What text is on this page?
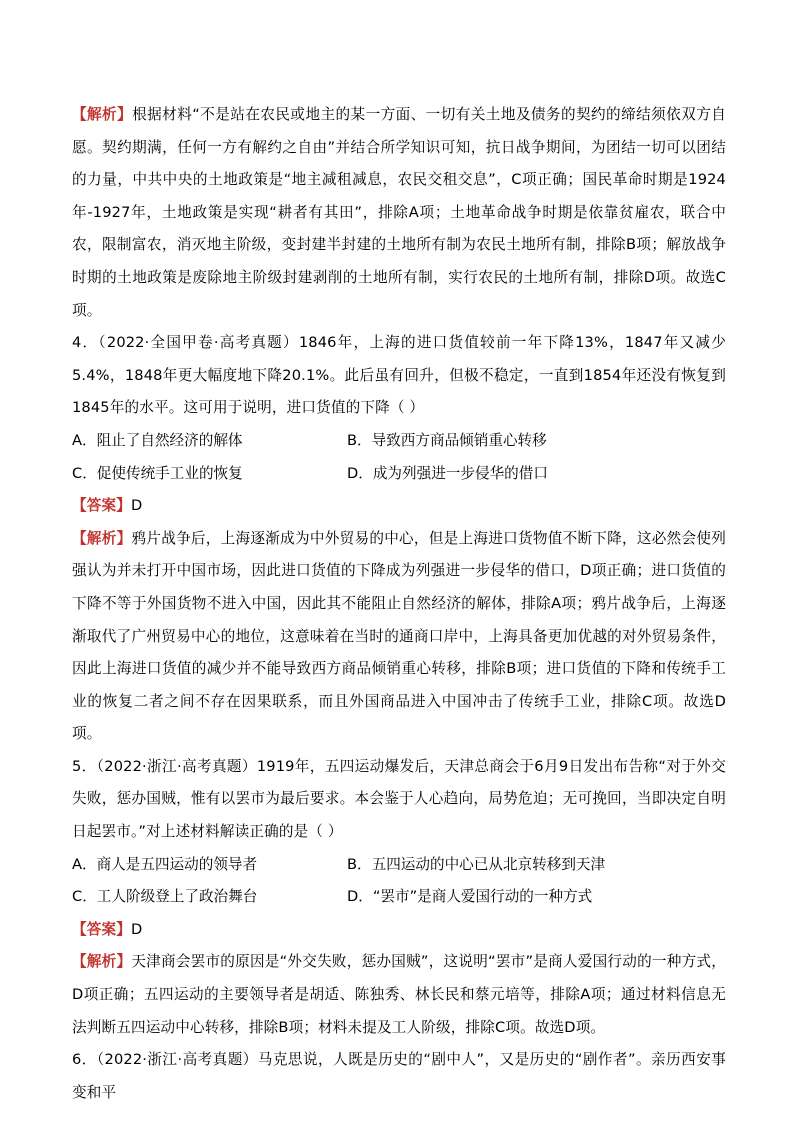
【解析】根据材料“不是站在农民或地主的某一方面、一切有关土地及债务的契约的缔结须依双方自愿。契约期满，任何一方有解约之自由”并结合所学知识可知，抗日战争期间，为团结一切可以团结的力量，中共中央的土地政策是“地主减租减息，农民交租交息”，C项正确；国民革命时期是1924年-1927年，土地政策是实现“耕者有其田”，排除A项；土地革命战争时期是依靠贫雇农，联合中农，限制富农，消灭地主阶级，变封建半封建的土地所有制为农民土地所有制，排除B项；解放战争时期的土地政策是废除地主阶级封建剥削的土地所有制，实行农民的土地所有制，排除D项。故选C项。

4．（2022·全国甲卷·高考真题）1846年，上海的进口货值较前一年下降13%，1847年又减少5.4%，1848年更大幅度地下降20.1%。此后虽有回升，但极不稳定，一直到1854年还没有恢复到1845年的水平。这可用于说明，进口货值的下降（ ）

A．阻止了自然经济的解体	B．导致西方商品倾销重心转移
C．促使传统手工业的恢复	D．成为列强进一步侵华的借口

【答案】D

【解析】鸦片战争后，上海逐渐成为中外贸易的中心，但是上海进口货物值不断下降，这必然会使列强认为并未打开中国市场，因此进口货值的下降成为列强进一步侵华的借口，D项正确；进口货值的下降不等于外国货物不进入中国，因此其不能阻止自然经济的解体，排除A项；鸦片战争后，上海逐渐取代了广州贸易中心的地位，这意味着在当时的通商口岸中，上海具备更加优越的对外贸易条件，因此上海进口货值的减少并不能导致西方商品倾销重心转移，排除B项；进口货值的下降和传统手工业的恢复二者之间不存在因果联系，而且外国商品进入中国冲击了传统手工业，排除C项。故选D项。

5．（2022·浙江·高考真题）1919年，五四运动爆发后，天津总商会于6月9日发出布告称“对于外交失败，惩办国贼，惟有以罢市为最后要求。本会鉴于人心趋向，局势危迫；无可挽回，当即决定自明日起罢市。”对上述材料解读正确的是（ ）

A．商人是五四运动的领导者	B．五四运动的中心已从北京转移到天津
C．工人阶级登上了政治舞台	D．“罢市”是商人爱国行动的一种方式

【答案】D

【解析】天津商会罢市的原因是“外交失败，惩办国贼”，这说明“罢市”是商人爱国行动的一种方式，D项正确；五四运动的主要领导者是胡适、陈独秀、林长民和蔡元培等，排除A项；通过材料信息无法判断五四运动中心转移，排除B项；材料未提及工人阶级，排除C项。故选D项。

6．（2022·浙江·高考真题）马克思说，人既是历史的“剧中人”，又是历史的“剧作者”。亲历西安事变和平
